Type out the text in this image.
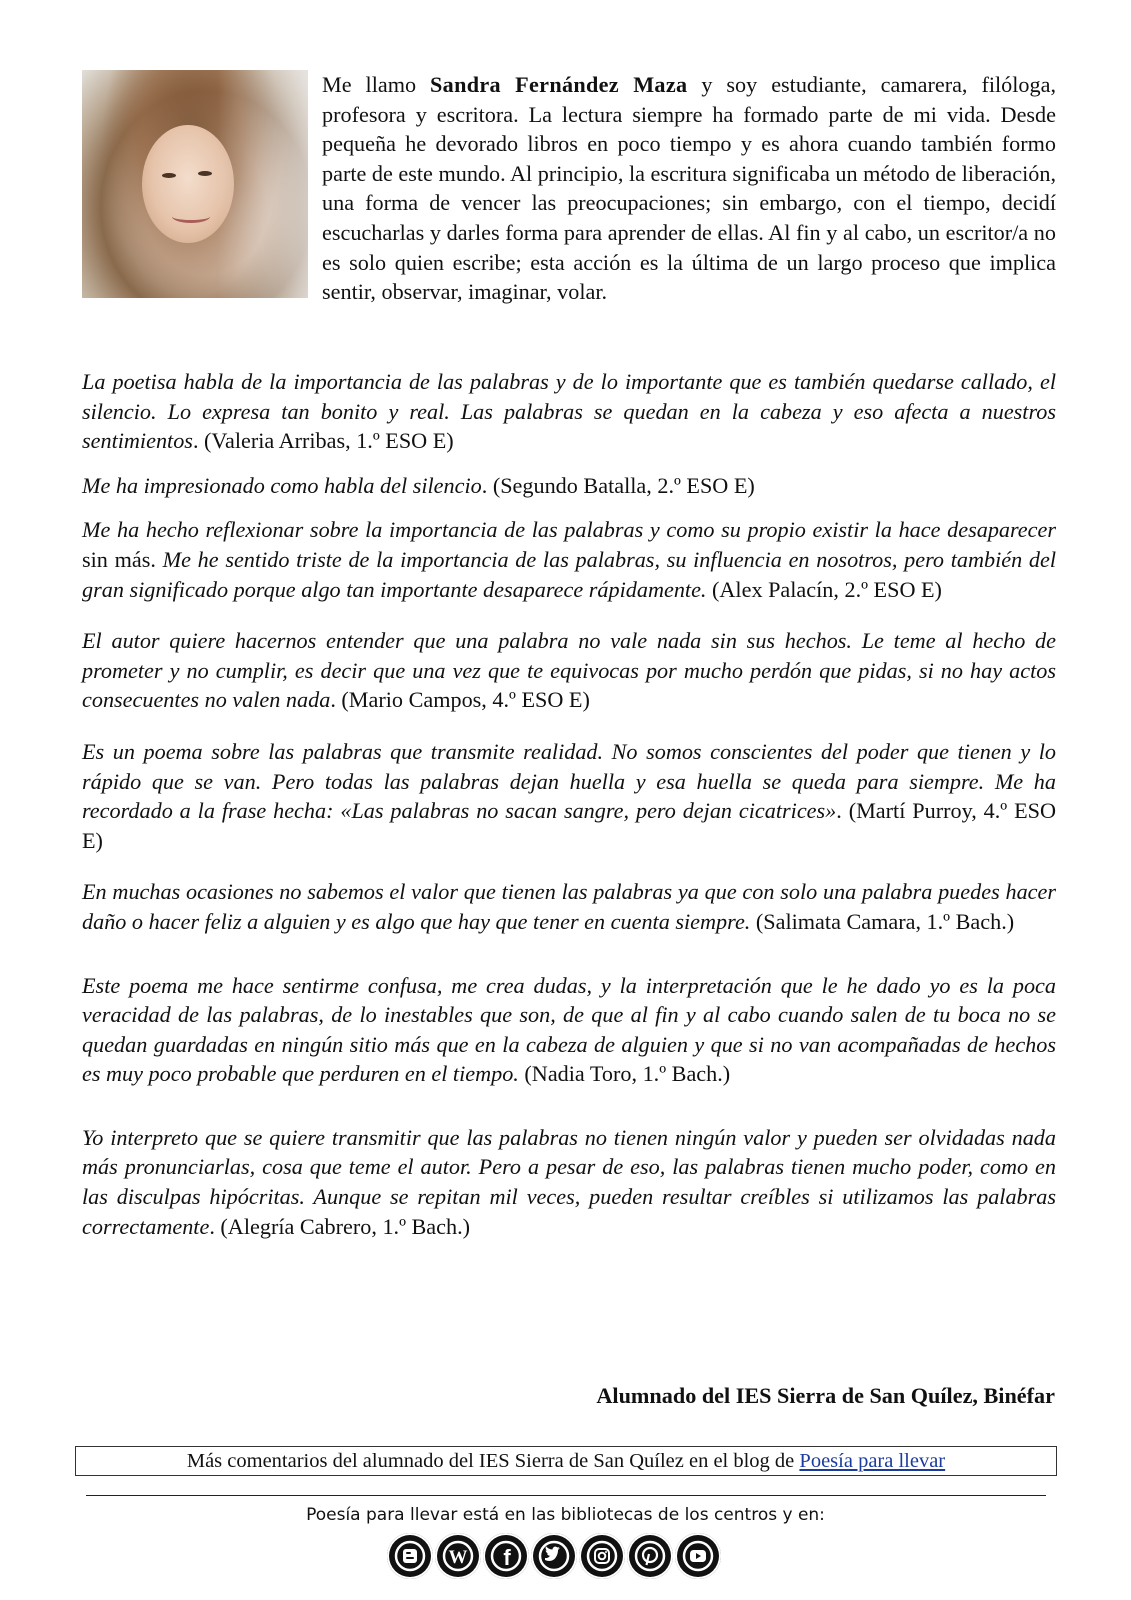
Me llamo Sandra Fernández Maza y soy estudiante, camarera, filóloga, profesora y escritora. La lectura siempre ha formado parte de mi vida. Desde pequeña he devorado libros en poco tiempo y es ahora cuando también formo parte de este mundo. Al principio, la escritura significaba un método de liberación, una forma de vencer las preocupaciones; sin embargo, con el tiempo, decidí escucharlas y darles forma para aprender de ellas. Al fin y al cabo, un escritor/a no es solo quien escribe; esta acción es la última de un largo proceso que implica sentir, observar, imaginar, volar.

La poetisa habla de la importancia de las palabras y de lo importante que es también quedarse callado, el silencio. Lo expresa tan bonito y real. Las palabras se quedan en la cabeza y eso afecta a nuestros sentimientos. (Valeria Arribas, 1.º ESO E)

Me ha impresionado como habla del silencio. (Segundo Batalla, 2.º ESO E)

Me ha hecho reflexionar sobre la importancia de las palabras y como su propio existir la hace desaparecer sin más. Me he sentido triste de la importancia de las palabras, su influencia en nosotros, pero también del gran significado porque algo tan importante desaparece rápidamente. (Alex Palacín, 2.º ESO E)

El autor quiere hacernos entender que una palabra no vale nada sin sus hechos. Le teme al hecho de prometer y no cumplir, es decir que una vez que te equivocas por mucho perdón que pidas, si no hay actos consecuentes no valen nada. (Mario Campos, 4.º ESO E)

Es un poema sobre las palabras que transmite realidad. No somos conscientes del poder que tienen y lo rápido que se van. Pero todas las palabras dejan huella y esa huella se queda para siempre. Me ha recordado a la frase hecha: «Las palabras no sacan sangre, pero dejan cicatrices». (Martí Purroy, 4.º ESO E)

En muchas ocasiones no sabemos el valor que tienen las palabras ya que con solo una palabra puedes hacer daño o hacer feliz a alguien y es algo que hay que tener en cuenta siempre. (Salimata Camara, 1.º Bach.)

Este poema me hace sentirme confusa, me crea dudas, y la interpretación que le he dado yo es la poca veracidad de las palabras, de lo inestables que son, de que al fin y al cabo cuando salen de tu boca no se quedan guardadas en ningún sitio más que en la cabeza de alguien y que si no van acompañadas de hechos es muy poco probable que perduren en el tiempo. (Nadia Toro, 1.º Bach.)

Yo interpreto que se quiere transmitir que las palabras no tienen ningún valor y pueden ser olvidadas nada más pronunciarlas, cosa que teme el autor. Pero a pesar de eso, las palabras tienen mucho poder, como en las disculpas hipócritas. Aunque se repitan mil veces, pueden resultar creíbles si utilizamos las palabras correctamente. (Alegría Cabrero, 1.º Bach.)

Alumnado del IES Sierra de San Quílez, Binéfar

Más comentarios del alumnado del IES Sierra de San Quílez en el blog de Poesía para llevar
Poesía para llevar está en las bibliotecas de los centros y en:
W f
